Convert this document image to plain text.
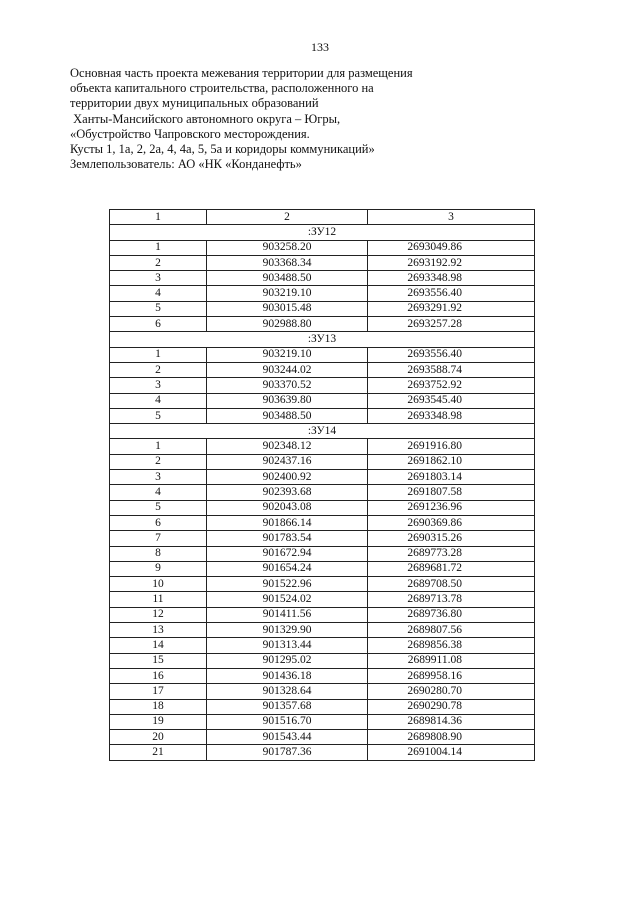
133
Основная часть проекта межевания территории для размещения
объекта капитального строительства, расположенного на
территории двух муниципальных образований
Ханты-Мансийского автономного округа – Югры,
«Обустройство Чапровского месторождения.
Кусты 1, 1а, 2, 2а, 4, 4а, 5, 5а и коридоры коммуникаций»
Землепользователь: АО «НК «Конданефть»
1	2	3
:ЗУ12		
1	903258.20	2693049.86
2	903368.34	2693192.92
3	903488.50	2693348.98
4	903219.10	2693556.40
5	903015.48	2693291.92
6	902988.80	2693257.28
:ЗУ13		
1	903219.10	2693556.40
2	903244.02	2693588.74
3	903370.52	2693752.92
4	903639.80	2693545.40
5	903488.50	2693348.98
:ЗУ14		
1	902348.12	2691916.80
2	902437.16	2691862.10
3	902400.92	2691803.14
4	902393.68	2691807.58
5	902043.08	2691236.96
6	901866.14	2690369.86
7	901783.54	2690315.26
8	901672.94	2689773.28
9	901654.24	2689681.72
10	901522.96	2689708.50
11	901524.02	2689713.78
12	901411.56	2689736.80
13	901329.90	2689807.56
14	901313.44	2689856.38
15	901295.02	2689911.08
16	901436.18	2689958.16
17	901328.64	2690280.70
18	901357.68	2690290.78
19	901516.70	2689814.36
20	901543.44	2689808.90
21	901787.36	2691004.14
